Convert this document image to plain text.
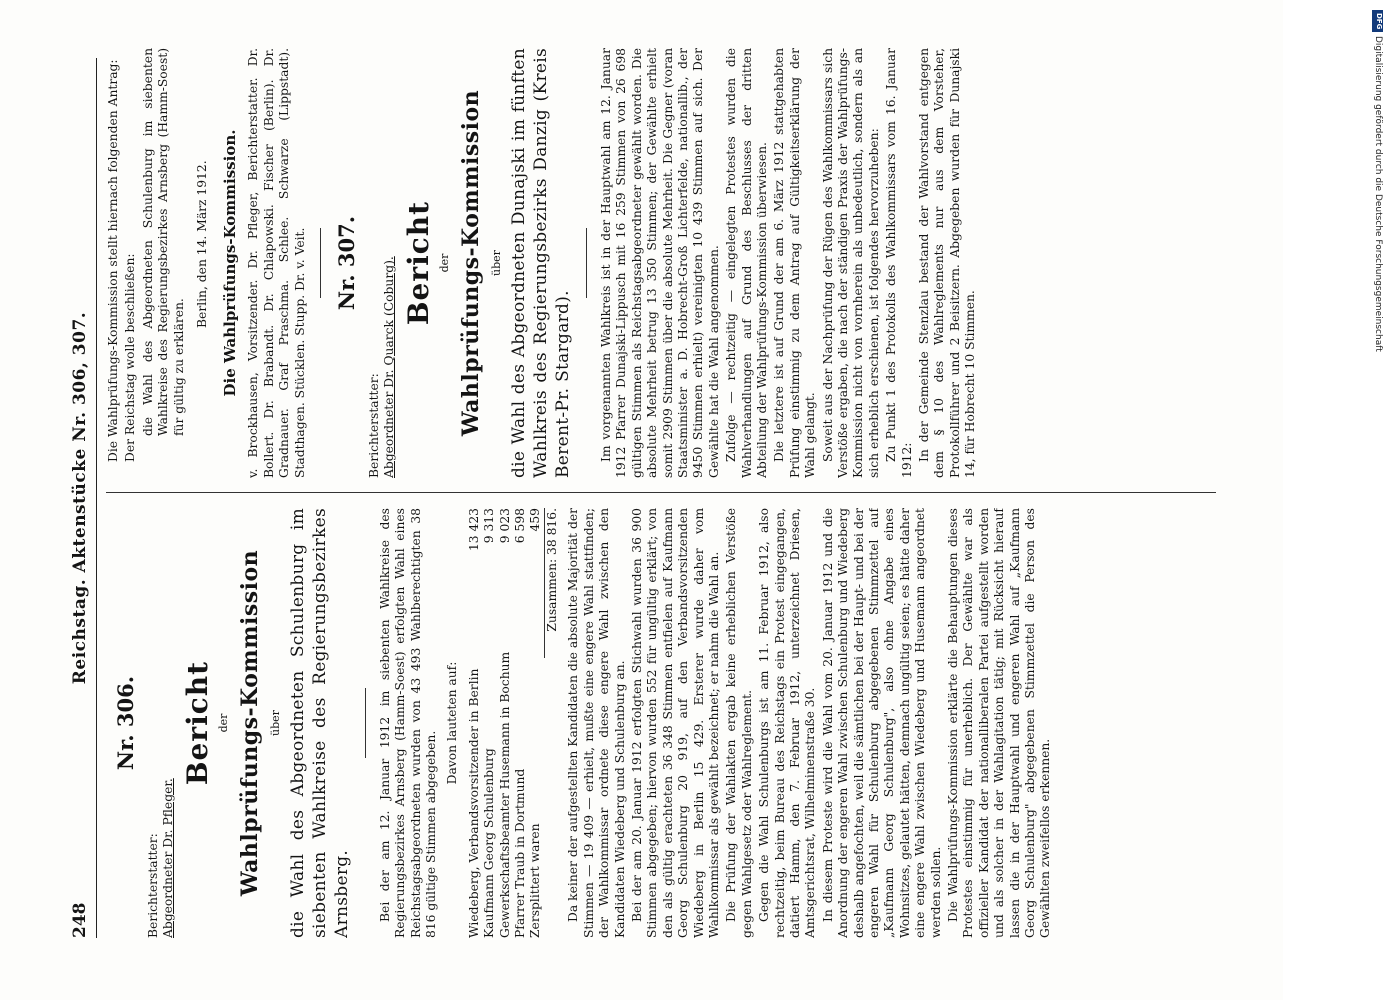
248
Reichstag. Aktenstücke Nr. 306, 307.

Nr. 306.

Berichterstatter: Abgeordneter Dr. Pfleger.

Bericht der Wahlprüfungs-Kommission über die Wahl des Abgeordneten Schulenburg im siebenten Wahlkreise des Regierungsbezirkes Arnsberg. Bei der am 12. Januar 1912 im siebenten Wahlkreise des Regierungsbezirkes Arnsberg (Hamm-Soest) erfolgten Wahl eines Reichstagsabgeordneten wurden von 43 493 Wahlberechtigten 38 816 gültige Stimmen abgegeben.

Davon lauteten auf: Wiedeberg, Verbandsvorsitzender in Berlin	13 423
Kaufmann Georg Schulenburg	9 313
Gewerkschaftsbeamter Husemann in Bochum	9 023
Pfarrer Traub in Dortmund	6 598
Zersplittert waren	459 Zusammen: 38 816. Da keiner der aufgestellten Kandidaten die absolute Majorität der Stimmen — 19 409 — erhielt, mußte eine engere Wahl stattfinden; der Wahlkommissar ordnete diese engere Wahl zwischen den Kandidaten Wiedeberg und Schulenburg an. Bei der am 20. Januar 1912 erfolgten Stichwahl wurden 36 900 Stimmen abgegeben; hiervon wurden 552 für ungültig erklärt; von den als gültig erachteten 36 348 Stimmen entfielen auf Kaufmann Georg Schulenburg 20 919, auf den Verbandsvorsitzenden Wiedeberg in Berlin 15 429. Ersterer wurde daher vom Wahlkommissar als gewählt bezeichnet; er nahm die Wahl an. Die Prüfung der Wahlakten ergab keine erheblichen Verstöße gegen Wahlgesetz oder Wahlreglement. Gegen die Wahl Schulenburgs ist am 11. Februar 1912, also rechtzeitig, beim Bureau des Reichstags ein Protest eingegangen, datiert Hamm, den 7. Februar 1912, unterzeichnet Driesen, Amtsgerichtsrat, Wilhelminenstraße 30. In diesem Proteste wird die Wahl vom 20. Januar 1912 und die Anordnung der engeren Wahl zwischen Schulenburg und Wiedeberg deshalb angefochten, weil die sämtlichen bei der Haupt- und bei der engeren Wahl für Schulenburg abgegebenen Stimmzettel auf „Kaufmann Georg Schulenburg", also ohne Angabe eines Wohnsitzes, gelautet hätten, demnach ungültig seien; es hätte daher eine engere Wahl zwischen Wiedeberg und Husemann angeordnet werden sollen. Die Wahlprüfungs-Kommission erklärte die Behauptungen dieses Protestes einstimmig für unerheblich. Der Gewählte war als offizieller Kandidat der nationalliberalen Partei aufgestellt worden und als solcher in der Wahlagitation tätig; mit Rücksicht hierauf lassen die in der Hauptwahl und engeren Wahl auf „Kaufmann Georg Schulenburg" abgegebenen Stimmzettel die Person des Gewählten zweifellos erkennen.

Die Wahlprüfungs-Kommission stellt hiernach folgenden Antrag: Der Reichstag wolle beschließen: die Wahl des Abgeordneten Schulenburg im siebenten Wahlkreise des Regierungsbezirkes Arnsberg (Hamm-Soest) für gültig zu erklären.

Berlin, den 14. März 1912. Die Wahlprüfungs-Kommission. v. Brockhausen, Vorsitzender. Dr. Pfleger, Berichterstatter. Dr. Bollert. Dr. Brabandt. Dr. Chlapowski. Fischer (Berlin). Dr. Gradnauer. Graf Praschma. Schlee. Schwarze (Lippstadt). Stadthagen. Stücklen. Stupp. Dr. v. Veit. Nr. 307.

Berichterstatter: Abgeordneter Dr. Quarck (Coburg). Bericht der Wahlprüfungs-Kommission über die Wahl des Abgeordneten Dunajski im fünften Wahlkreis des Regierungsbezirks Danzig (Kreis Berent-Pr. Stargard). Im vorgenannten Wahlkreis ist in der Hauptwahl am 12. Januar 1912 Pfarrer Dunajski-Lippusch mit 16 259 Stimmen von 26 698 gültigen Stimmen als Reichstagsabgeordneter gewählt worden. Die absolute Mehrheit betrug 13 350 Stimmen; der Gewählte erhielt somit 2909 Stimmen über die absolute Mehrheit. Die Gegner (voran Staatsminister a. D. Hobrecht-Groß Lichterfelde, nationallib., der 9450 Stimmen erhielt) vereinigten 10 439 Stimmen auf sich. Der Gewählte hat die Wahl angenommen. Zufolge — rechtzeitig — eingelegten Protestes wurden die Wahlverhandlungen auf Grund des Beschlusses der dritten Abteilung der Wahlprüfungs-Kommission überwiesen. Die letztere ist auf Grund der am 6. März 1912 stattgehabten Prüfung einstimmig zu dem Antrag auf Gültigkeitserklärung der Wahl gelangt. Soweit aus der Nachprüfung der Rügen des Wahlkommissars sich Verstöße ergaben, die nach der ständigen Praxis der Wahlprüfungs-Kommission nicht von vornherein als unbedeutlich, sondern als an sich erheblich erschienen, ist folgendes hervorzuheben: Zu Punkt 1 des Protokolls des Wahlkommissars vom 16. Januar 1912: In der Gemeinde Stenzlau bestand der Wahlvorstand entgegen dem § 10 des Wahlreglements nur aus dem Vorsteher, Protokollführer und 2 Beisitzern. Abgegeben wurden für Dunajski 14, für Hobrecht 10 Stimmen.

DFG
Digitalisierung gefördert durch die Deutsche Forschungsgemeinschaft
